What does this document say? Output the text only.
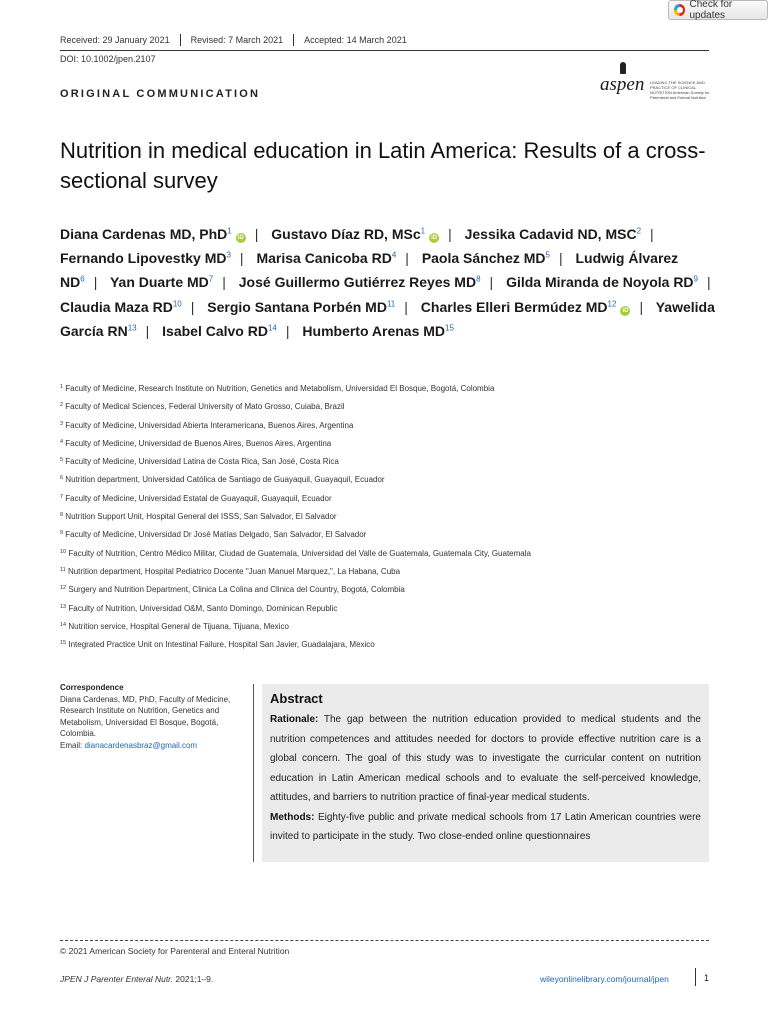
Check for updates
Received: 29 January 2021	Revised: 7 March 2021	Accepted: 14 March 2021
DOI: 10.1002/jpen.2107
ORIGINAL COMMUNICATION	aspen LEADING THE SCIENCE AND PRACTICE OF CLINICAL NUTRITION American Society for Parenteral and Enteral Nutrition
Nutrition in medical education in Latin America: Results of a cross-sectional survey
Diana Cardenas MD, PhD$^1$iD | Gustavo Díaz RD, MSc$^1$iD | Jessika Cadavid ND, MSC$^2$ | Fernando Lipovestky $MD^3$ | Marisa Canicoba $RD^4$ | Paola Sánchez $MD^5$ | Ludwig Álvarez $ND^6$ | Yan Duarte $MD^7$ | José Guillermo Gutiérrez Reyes $MD^8$ | Gilda Miranda de Noyola $RD^9$ | Claudia Maza RD$^{10}$ | Sergio Santana Porbén MD$^{11}$ | Charles Elleri Bermúdez MD$^{12}$iD | Yawelida García RN$^{13}$ | Isabel Calvo RD$^{14}$ | Humberto Arenas MD$^{15}$
$^1$ Faculty of Medicine, Research Institute on Nutrition, Genetics and Metabolism, Universidad El Bosque, Bogotá, Colombia
$^2$ Faculty of Medical Sciences, Federal University of Mato Grosso, Cuiaba, Brazil
$^3$ Faculty of Medicine, Universidad Abierta Interamericana, Buenos Aires, Argentina
$^4$ Faculty of Medicine, Universidad de Buenos Aires, Buenos Aires, Argentina
$^5$ Faculty of Medicine, Universidad Latina de Costa Rica, San José, Costa Rica
$^6$ Nutrition department, Universidad Católica de Santiago de Guayaquil, Guayaquil, Ecuador
$^7$ Faculty of Medicine, Universidad Estatal de Guayaquil, Guayaquil, Ecuador
$^8$ Nutrition Support Unit, Hospital General del ISSS, San Salvador, El Salvador
$^9$ Faculty of Medicine, Universidad Dr José Matías Delgado, San Salvador, El Salvador
$^{10}$ Faculty of Nutrition, Centro Médico Militar, Ciudad de Guatemala, Universidad del Valle de Guatemala, Guatemala City, Guatemala
$^{11}$ Nutrition department, Hospital Pediatrico Docente "Juan Manuel Marquez,", La Habana, Cuba
$^{12}$ Surgery and Nutrition Department, Clinica La Colina and Clinica del Country, Bogotá, Colombia
$^{13}$ Faculty of Nutrition, Universidad O&M, Santo Domingo, Dominican Republic
$^{14}$ Nutrition service, Hospital General de Tijuana, Tijuana, Mexico
$^{15}$ Integrated Practice Unit on Intestinal Failure, Hospital San Javier, Guadalajara, Mexico
Correspondence
Diana Cardenas, MD, PhD, Faculty of Medicine, Research Institute on Nutrition, Genetics and Metabolism, Universidad El Bosque, Bogotá, Colombia.
Email: dianacardenasbraz@gmail.com
Abstract

Rationale: The gap between the nutrition education provided to medical students and the nutrition competences and attitudes needed for doctors to provide effective nutrition care is a global concern. The goal of this study was to investigate the curricular content on nutrition education in Latin American medical schools and to evaluate the self-perceived knowledge, attitudes, and barriers to nutrition practice of final-year medical students.

Methods: Eighty-five public and private medical schools from 17 Latin American countries were invited to participate in the study. Two close-ended online questionnaires

© 2021 American Society for Parenteral and Enteral Nutrition
JPEN J Parenter Enteral Nutr. 2021;1–9.	wileyonlinelibrary.com/journal/jpen	1
